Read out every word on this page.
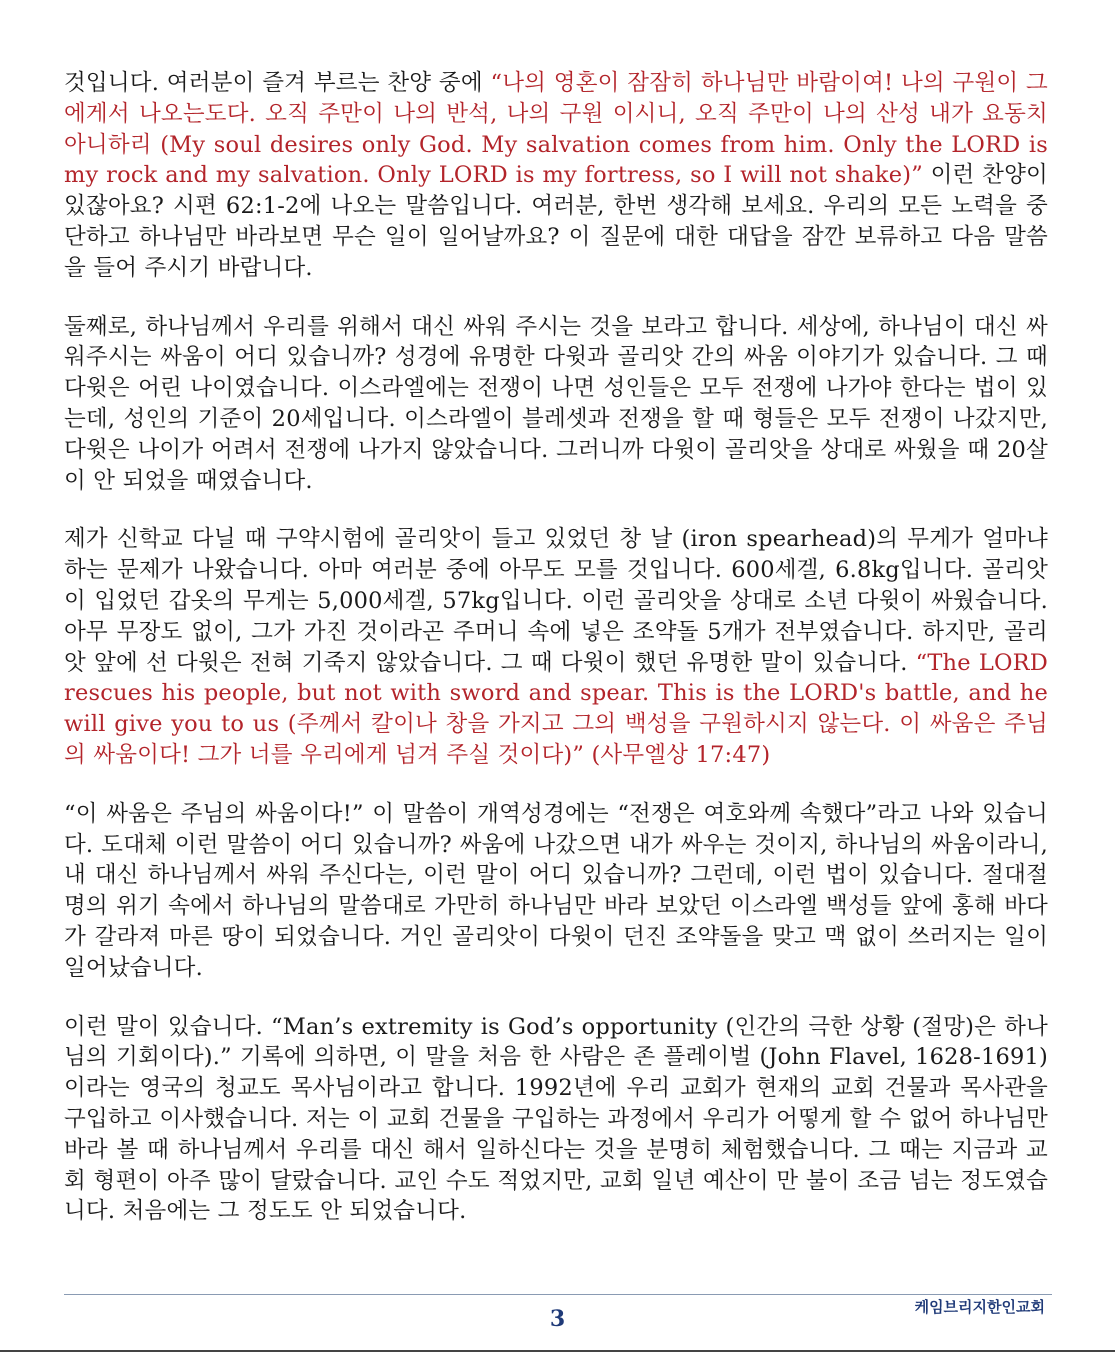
것입니다. 여러분이 즐겨 부르는 찬양 중에 “나의 영혼이 잠잠히 하나님만 바람이여! 나의 구원이 그에게서 나오는도다. 오직 주만이 나의 반석, 나의 구원 이시니, 오직 주만이 나의 산성 내가 요동치 아니하리 (My soul desires only God. My salvation comes from him. Only the LORD is my rock and my salvation. Only LORD is my fortress, so I will not shake)” 이런 찬양이 있잖아요? 시편 62:1-2에 나오는 말씀입니다. 여러분, 한번 생각해 보세요. 우리의 모든 노력을 중단하고 하나님만 바라보면 무슨 일이 일어날까요? 이 질문에 대한 대답을 잠깐 보류하고 다음 말씀을 들어 주시기 바랍니다.

둘째로, 하나님께서 우리를 위해서 대신 싸워 주시는 것을 보라고 합니다. 세상에, 하나님이 대신 싸워주시는 싸움이 어디 있습니까? 성경에 유명한 다윗과 골리앗 간의 싸움 이야기가 있습니다. 그 때 다윗은 어린 나이였습니다. 이스라엘에는 전쟁이 나면 성인들은 모두 전쟁에 나가야 한다는 법이 있는데, 성인의 기준이 20세입니다. 이스라엘이 블레셋과 전쟁을 할 때 형들은 모두 전쟁이 나갔지만, 다윗은 나이가 어려서 전쟁에 나가지 않았습니다. 그러니까 다윗이 골리앗을 상대로 싸웠을 때 20살이 안 되었을 때였습니다.

제가 신학교 다닐 때 구약시험에 골리앗이 들고 있었던 창 날 (iron spearhead)의 무게가 얼마냐 하는 문제가 나왔습니다. 아마 여러분 중에 아무도 모를 것입니다. 600세겔, 6.8kg입니다. 골리앗이 입었던 갑옷의 무게는 5,000세겔, 57kg입니다. 이런 골리앗을 상대로 소년 다윗이 싸웠습니다. 아무 무장도 없이, 그가 가진 것이라곤 주머니 속에 넣은 조약돌 5개가 전부였습니다. 하지만, 골리앗 앞에 선 다윗은 전혀 기죽지 않았습니다. 그 때 다윗이 했던 유명한 말이 있습니다. “The LORD rescues his people, but not with sword and spear. This is the LORD's battle, and he will give you to us (주께서 칼이나 창을 가지고 그의 백성을 구원하시지 않는다. 이 싸움은 주님의 싸움이다! 그가 너를 우리에게 넘겨 주실 것이다)” (사무엘상 17:47)

“이 싸움은 주님의 싸움이다!” 이 말씀이 개역성경에는 “전쟁은 여호와께 속했다”라고 나와 있습니다. 도대체 이런 말씀이 어디 있습니까? 싸움에 나갔으면 내가 싸우는 것이지, 하나님의 싸움이라니, 내 대신 하나님께서 싸워 주신다는, 이런 말이 어디 있습니까? 그런데, 이런 법이 있습니다. 절대절명의 위기 속에서 하나님의 말씀대로 가만히 하나님만 바라 보았던 이스라엘 백성들 앞에 홍해 바다가 갈라져 마른 땅이 되었습니다. 거인 골리앗이 다윗이 던진 조약돌을 맞고 맥 없이 쓰러지는 일이 일어났습니다.

이런 말이 있습니다. “Man’s extremity is God’s opportunity (인간의 극한 상황 (절망)은 하나님의 기회이다).” 기록에 의하면, 이 말을 처음 한 사람은 존 플레이벌 (John Flavel, 1628-1691)이라는 영국의 청교도 목사님이라고 합니다. 1992년에 우리 교회가 현재의 교회 건물과 목사관을 구입하고 이사했습니다. 저는 이 교회 건물을 구입하는 과정에서 우리가 어떻게 할 수 없어 하나님만 바라 볼 때 하나님께서 우리를 대신 해서 일하신다는 것을 분명히 체험했습니다. 그 때는 지금과 교회 형편이 아주 많이 달랐습니다. 교인 수도 적었지만, 교회 일년 예산이 만 불이 조금 넘는 정도였습니다. 처음에는 그 정도도 안 되었습니다.

케임브리지한인교회
3
